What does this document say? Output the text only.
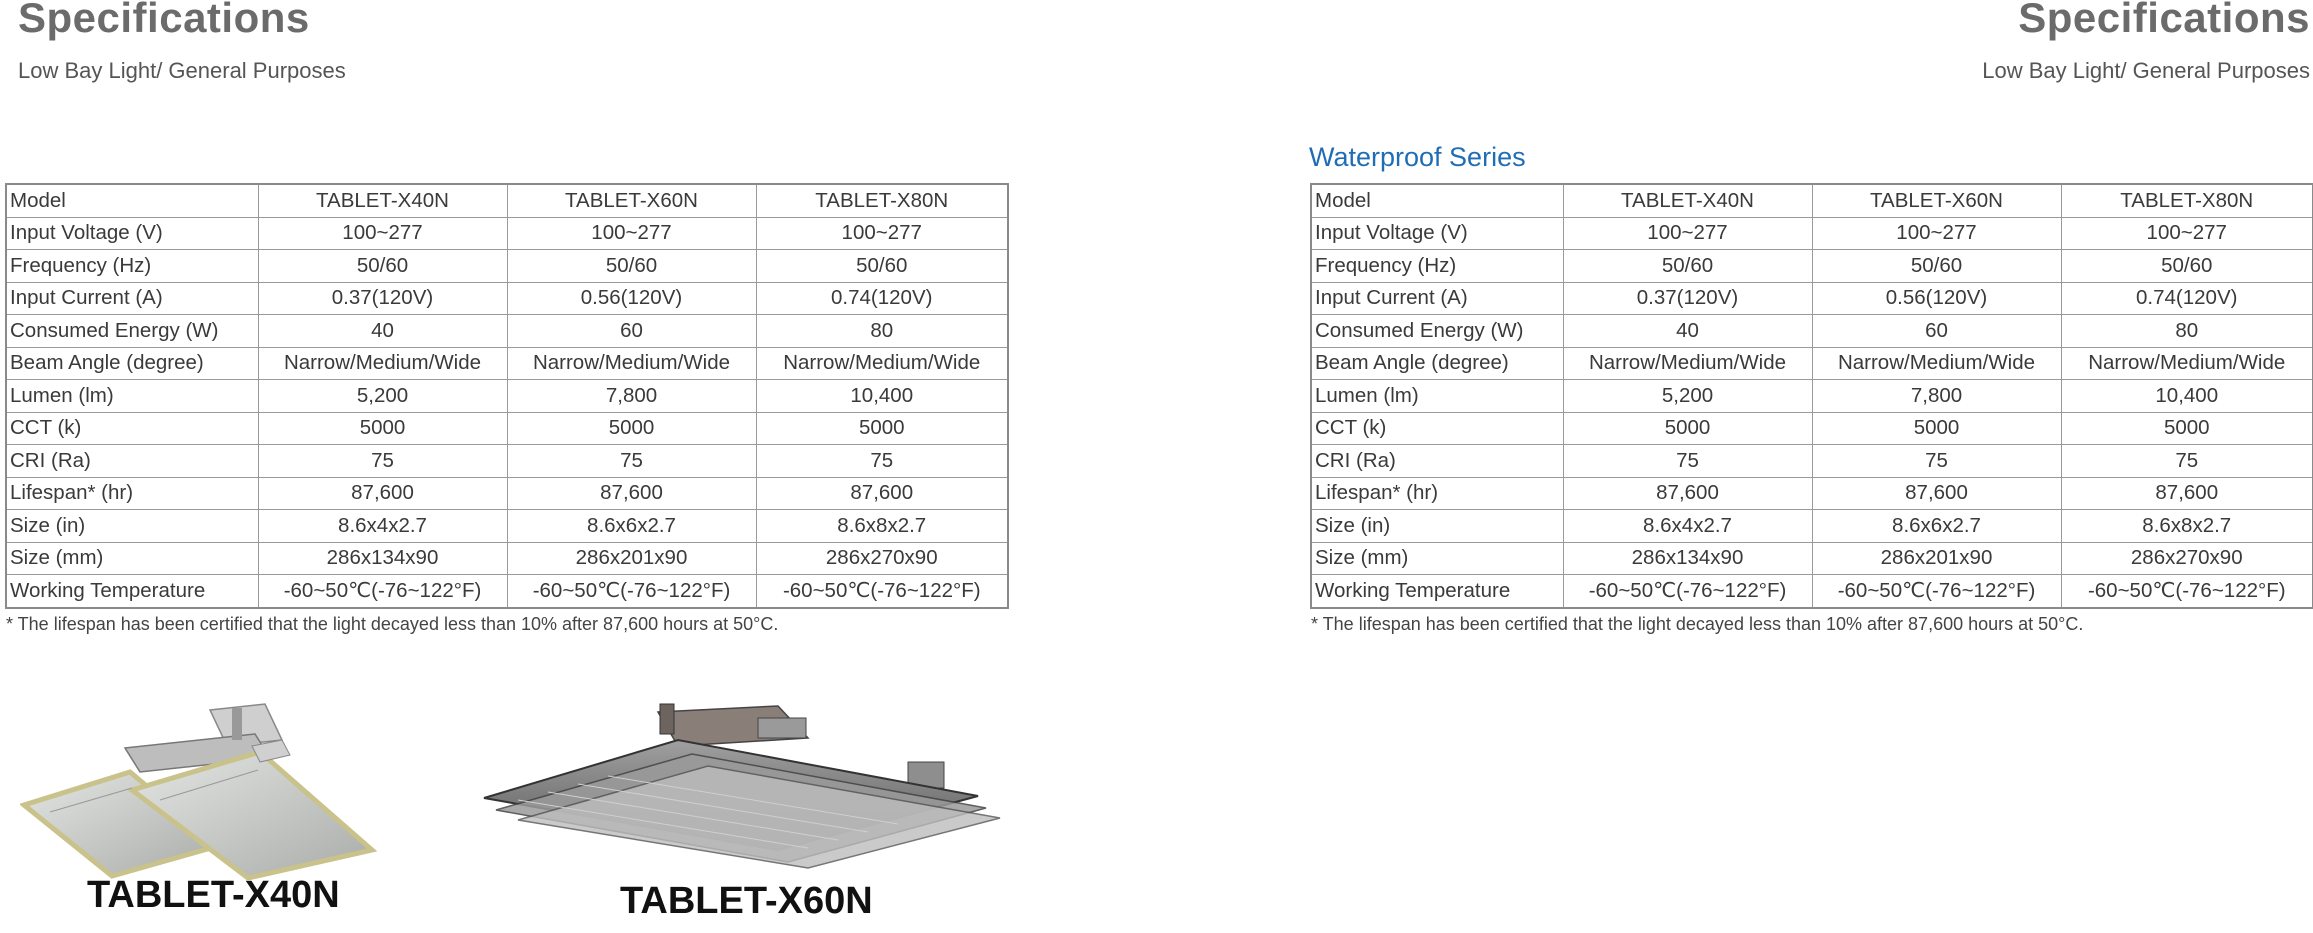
Specifications
Low Bay Light/ General Purposes
Specifications
Low Bay Light/ General Purposes
Waterproof Series
Model	TABLET-X40N	TABLET-X60N	TABLET-X80N
Input Voltage (V)	100~277	100~277	100~277
Frequency (Hz)	50/60	50/60	50/60
Input Current (A)	0.37(120V)	0.56(120V)	0.74(120V)
Consumed Energy (W)	40	60	80
Beam Angle (degree)	Narrow/Medium/Wide	Narrow/Medium/Wide	Narrow/Medium/Wide
Lumen (lm)	5,200	7,800	10,400
CCT (k)	5000	5000	5000
CRI (Ra)	75	75	75
Lifespan* (hr)	87,600	87,600	87,600
Size (in)	8.6x4x2.7	8.6x6x2.7	8.6x8x2.7
Size (mm)	286x134x90	286x201x90	286x270x90
Working Temperature	-60~50℃(-76~122°F)	-60~50℃(-76~122°F)	-60~50℃(-76~122°F)
Model	TABLET-X40N	TABLET-X60N	TABLET-X80N
Input Voltage (V)	100~277	100~277	100~277
Frequency (Hz)	50/60	50/60	50/60
Input Current (A)	0.37(120V)	0.56(120V)	0.74(120V)
Consumed Energy (W)	40	60	80
Beam Angle (degree)	Narrow/Medium/Wide	Narrow/Medium/Wide	Narrow/Medium/Wide
Lumen (lm)	5,200	7,800	10,400
CCT (k)	5000	5000	5000
CRI (Ra)	75	75	75
Lifespan* (hr)	87,600	87,600	87,600
Size (in)	8.6x4x2.7	8.6x6x2.7	8.6x8x2.7
Size (mm)	286x134x90	286x201x90	286x270x90
Working Temperature	-60~50℃(-76~122°F)	-60~50℃(-76~122°F)	-60~50℃(-76~122°F)
* The lifespan has been certified that the light decayed less than 10% after 87,600 hours at 50°C.	* The lifespan has been certified that the light decayed less than 10% after 87,600 hours at 50°C.
TABLET-X40N	TABLET-X60N
